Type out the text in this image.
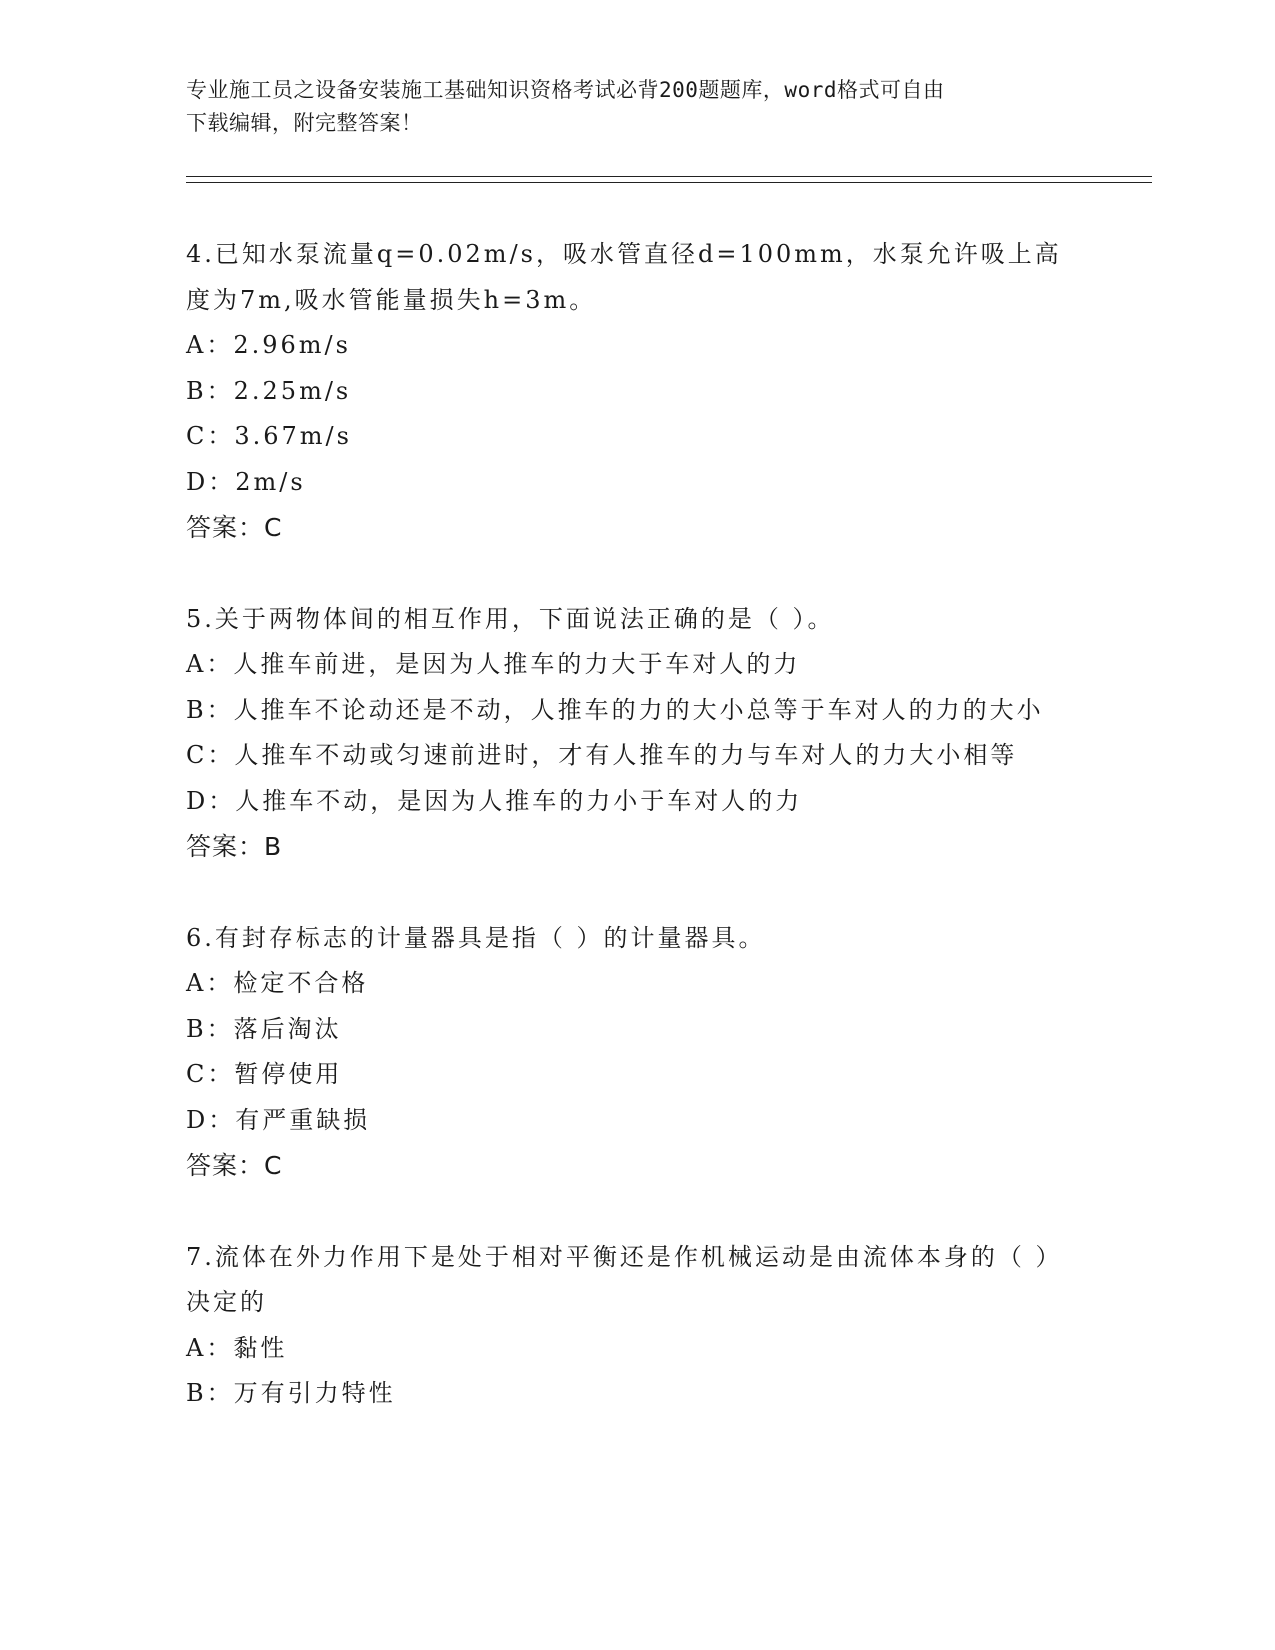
专业施工员之设备安装施工基础知识资格考试必背200题题库，word格式可自由
下载编辑，附完整答案！

4.已知水泵流量q=0.02m/s，吸水管直径d=100mm，水泵允许吸上高度为7m,吸水管能量损失h=3m。

A：2.96m/s

B：2.25m/s

C：3.67m/s

D：2m/s

答案：C

5.关于两物体间的相互作用，下面说法正确的是（ ）。

A：人推车前进，是因为人推车的力大于车对人的力

B：人推车不论动还是不动，人推车的力的大小总等于车对人的力的大小

C：人推车不动或匀速前进时，才有人推车的力与车对人的力大小相等

D：人推车不动，是因为人推车的力小于车对人的力

答案：B

6.有封存标志的计量器具是指（ ）的计量器具。

A：检定不合格

B：落后淘汰

C：暂停使用

D：有严重缺损

答案：C

7.流体在外力作用下是处于相对平衡还是作机械运动是由流体本身的（ ）决定的

A：黏性

B：万有引力特性
